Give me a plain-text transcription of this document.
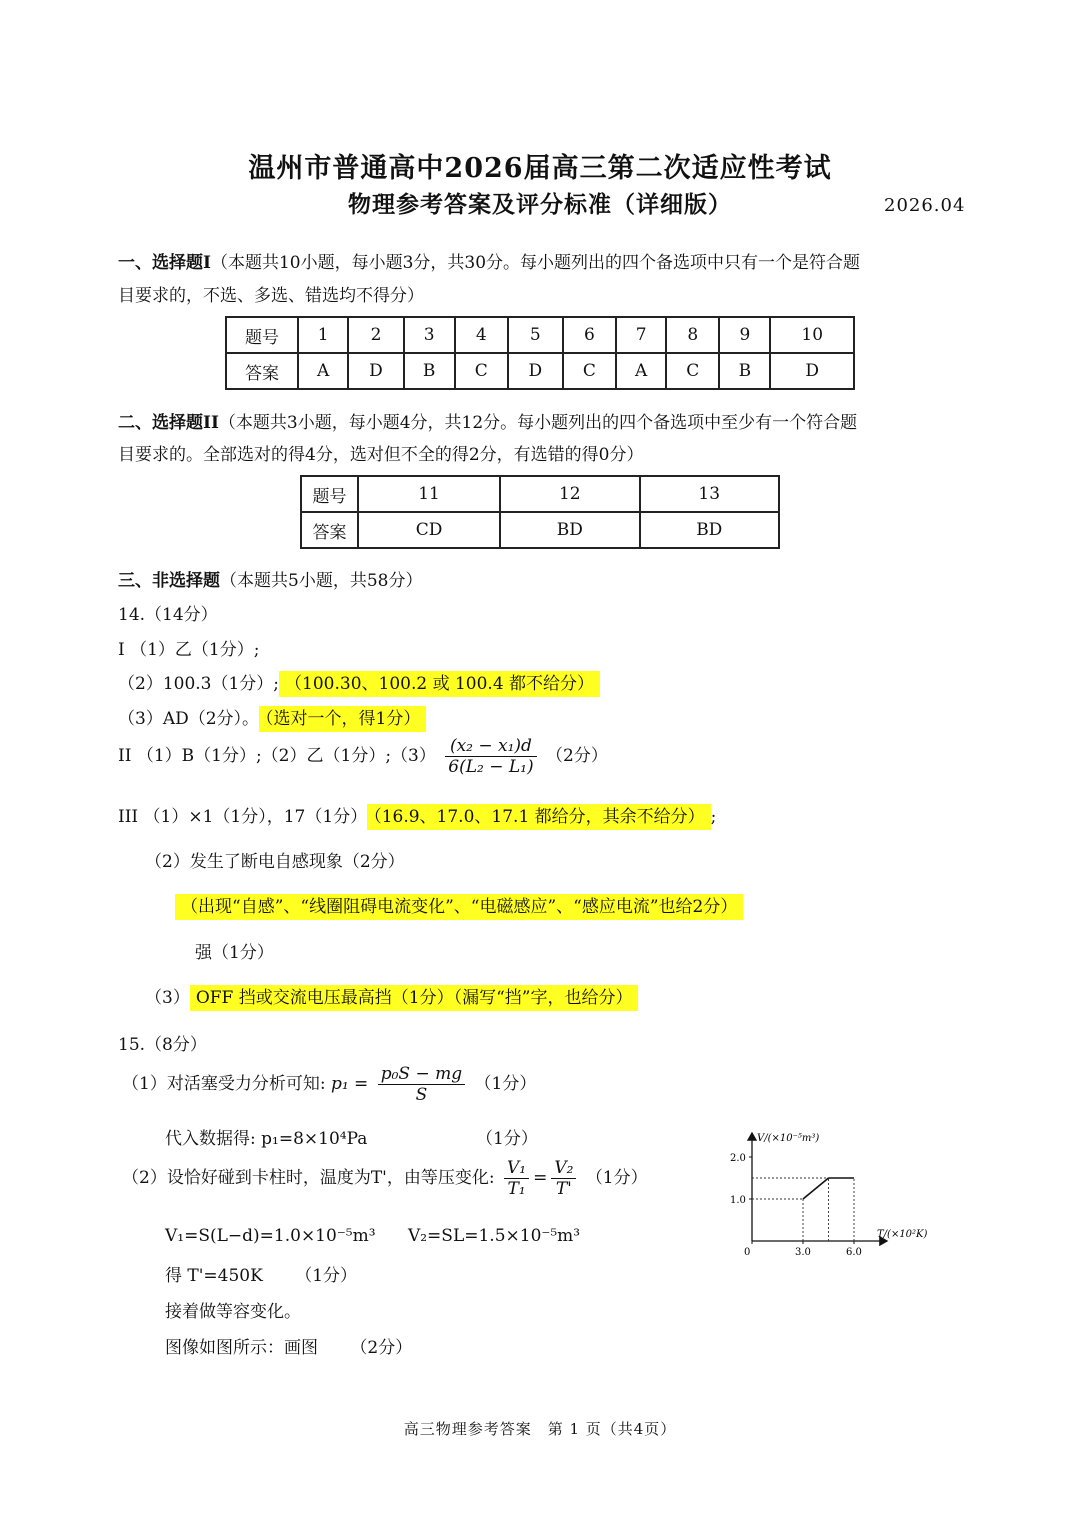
温州市普通高中2026届高三第二次适应性考试
物理参考答案及评分标准（详细版）	2026.04
一、选择题I（本题共10小题，每小题3分，共30分。每小题列出的四个备选项中只有一个是符合题
目要求的，不选、多选、错选均不得分）
题号	1	2	3	4	5	6	7	8	9	10
答案	A	D	B	C	D	C	A	C	B	D
二、选择题II（本题共3小题，每小题4分，共12分。每小题列出的四个备选项中至少有一个符合题
目要求的。全部选对的得4分，选对但不全的得2分，有选错的得0分）
题号	11	12	13
答案	CD	BD	BD
三、非选择题（本题共5小题，共58分）
14.（14分）
I （1）乙（1分）;
（2）100.3（1分）; （100.30、100.2 或 100.4 都不给分）
（3）AD（2分）。 （选对一个，得1分）
II （1）B（1分）;（2）乙（1分）;（3） $\frac{\text{(x₂ − x₁)d}}{\text{6(L₂ − L₁)}} (2$分）
III （1）×1（1分），17（1分） （16.9、17.0、17.1 都给分，其余不给分） ;
（2）发生了断电自感现象（2分）
（出现“自感”、“线圈阻碍电流变化”、“电磁感应”、“感应电流”也给2分）
强（1分）
（3） OFF 挡或交流电压最高挡（1分）（漏写“挡”字，也给分）
15.（8分）
（1）对活塞受力分析可知: $p_1 = \frac{\text{p₀S − mg}}{S} (1$分）
代入数据得: p₁=8×10⁴Pa	（1分）
（2）设恰好碰到卡柱时，温度为T'，由等压变化: $\frac{\text{V₁}}{\text{T₁}} = \frac{\text{V₂}}{T'} (1$分）
V₁=S(L−d)=1.0×10⁻⁵m³      V₂=SL=1.5×10⁻⁵m³
得 T'=450K      （1分）
接着做等容变化。
图像如图所示：画图      （2分）
0	3.0	6.0
1.0
2.0
V/(×10⁻⁵m³)
T/(×10²K)
高三物理参考答案　第 1 页（共4页）
